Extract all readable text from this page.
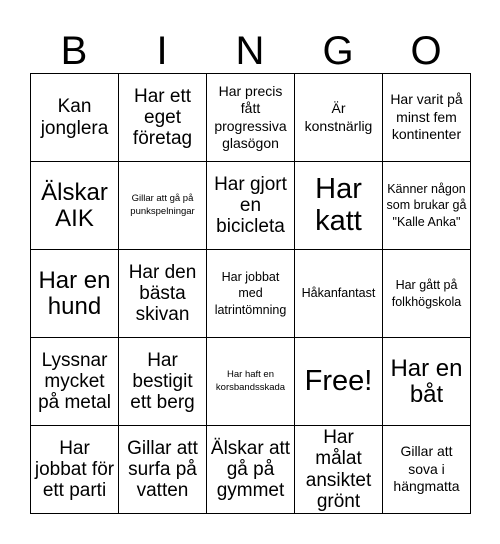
B	I	N	G	O
Kan jonglera
Har ett eget företag
Har precis fått progressiva glasögon
Är konstnärlig
Har varit på minst fem kontinenter
Älskar AIK
Gillar att gå på punkspelningar
Har gjort en bicicleta
Har katt
Känner någon som brukar gå "Kalle Anka"
Har en hund
Har den bästa skivan
Har jobbat med latrintömning
Håkanfantast
Har gått på folkhögskola
Lyssnar mycket på metal
Har bestigit ett berg
Har haft en korsbandsskada Free! Har en båt
Har jobbat för ett parti
Gillar att surfa på vatten
Älskar att gå på gymmet
Har målat ansiktet grönt
Gillar att sova i hängmatta
